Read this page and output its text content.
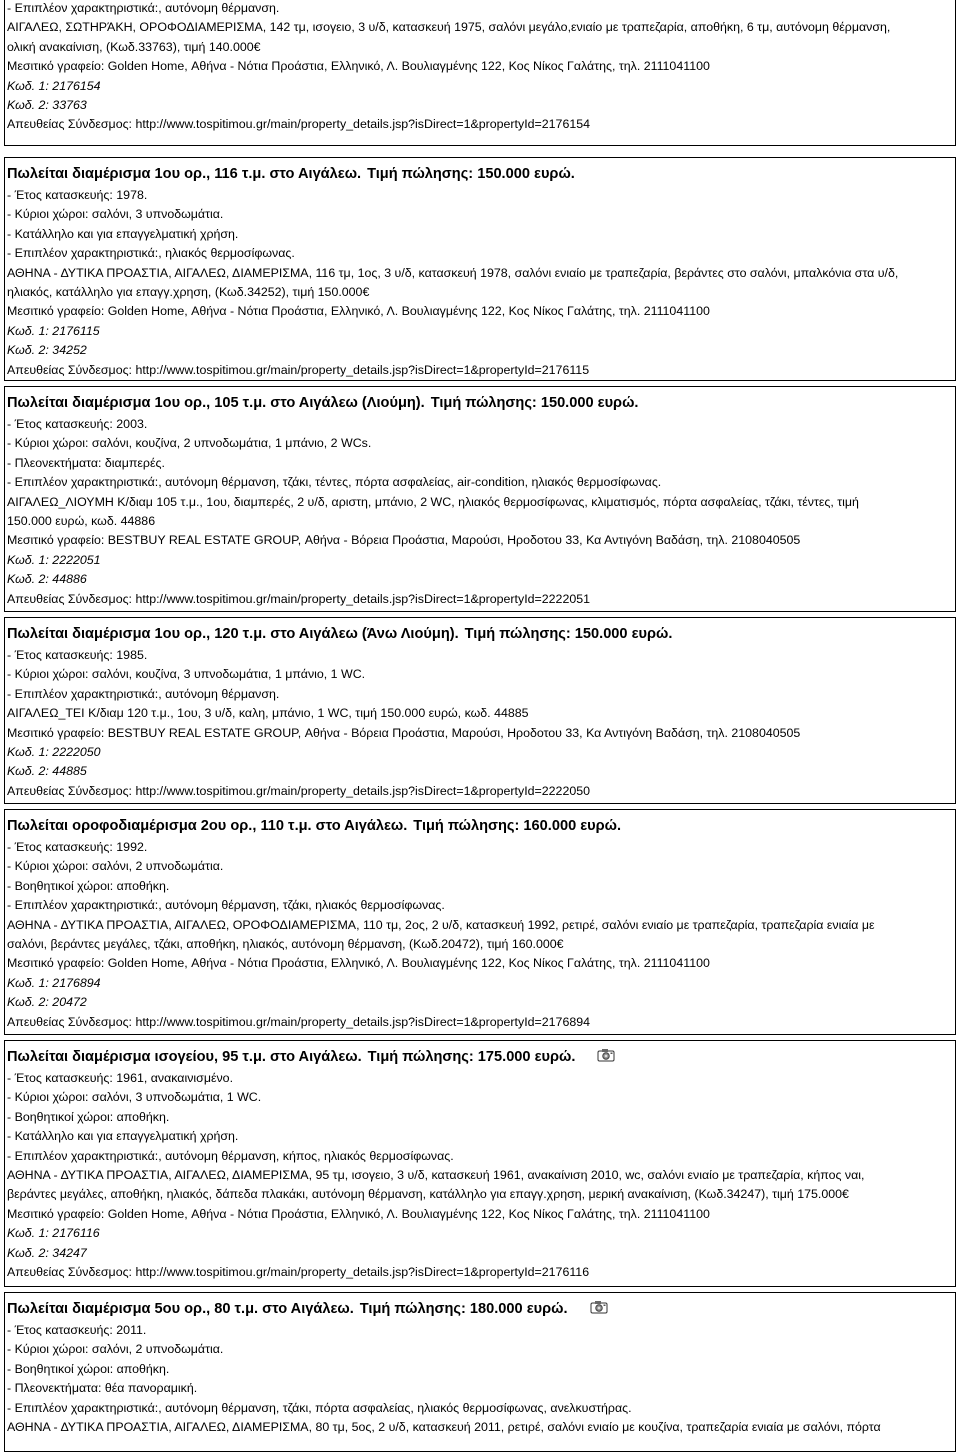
- Επιπλέον χαρακτηριστικά:, αυτόνομη θέρμανση.
ΑΙΓΑΛΕΩ, ΣΩΤΗΡΆΚΗ, ΟΡΟΦΟΔΙΑΜΕΡΙΣΜΑ, 142 τμ, ισογειο, 3 υ/δ, κατασκευή 1975, σαλόνι μεγάλο,ενιαίο με τραπεζαρία, αποθήκη, 6 τμ, αυτόνομη θέρμανση,
ολική ανακαίνιση, (Κωδ.33763), τιμή 140.000€
Μεσιτικό γραφείο: Golden Home, Αθήνα - Νότια Προάστια, Ελληνικό, Λ. Βουλιαγμένης 122, Κος Νίκος Γαλάτης, τηλ. 2111041100
Κωδ. 1: 2176154
Κωδ. 2: 33763
Απευθείας Σύνδεσμος: http://www.tospitimou.gr/main/property_details.jsp?isDirect=1&propertyId=2176154
Πωλείται διαμέρισμα 1ου ορ., 116 τ.μ. στο Αιγάλεω. Τιμή πώλησης: 150.000 ευρώ.
- Έτος κατασκευής: 1978.
- Κύριοι χώροι: σαλόνι, 3 υπνοδωμάτια.
- Κατάλληλο και για επαγγελματική χρήση.
- Επιπλέον χαρακτηριστικά:, ηλιακός θερμοσίφωνας.
ΑΘΗΝΑ - ΔΥΤΙΚΑ ΠΡΟΑΣΤΙΑ, ΑΙΓΑΛΕΩ, ΔΙΑΜΕΡΙΣΜΑ, 116 τμ, 1ος, 3 υ/δ, κατασκευή 1978, σαλόνι ενιαίο με τραπεζαρία, βεράντες στο σαλόνι, μπαλκόνια στα υ/δ,
ηλιακός, κατάλληλο για επαγγ.χρηση, (Κωδ.34252), τιμή 150.000€
Μεσιτικό γραφείο: Golden Home, Αθήνα - Νότια Προάστια, Ελληνικό, Λ. Βουλιαγμένης 122, Κος Νίκος Γαλάτης, τηλ. 2111041100
Κωδ. 1: 2176115
Κωδ. 2: 34252
Απευθείας Σύνδεσμος: http://www.tospitimou.gr/main/property_details.jsp?isDirect=1&propertyId=2176115
Πωλείται διαμέρισμα 1ου ορ., 105 τ.μ. στο Αιγάλεω (Λιούμη). Τιμή πώλησης: 150.000 ευρώ.
- Έτος κατασκευής: 2003.
- Κύριοι χώροι: σαλόνι, κουζίνα, 2 υπνοδωμάτια, 1 μπάνιο, 2 WCs.
- Πλεονεκτήματα: διαμπερές.
- Επιπλέον χαρακτηριστικά:, αυτόνομη θέρμανση, τζάκι, τέντες, πόρτα ασφαλείας, air-condition, ηλιακός θερμοσίφωνας.
ΑΙΓΑΛΕΩ_ΛΙΟΥΜΗ Κ/διαμ 105 τ.μ., 1ου, διαμπερές, 2 υ/δ, αριστη, μπάνιο, 2 WC, ηλιακός θερμοσίφωνας, κλιματισμός, πόρτα ασφαλείας, τζάκι, τέντες, τιμή
150.000 ευρώ, κωδ. 44886
Μεσιτικό γραφείο: BESTBUY REAL ESTATE GROUP, Αθήνα - Βόρεια Προάστια, Μαρούσι, Ηροδοτου 33, Κα Αντιγόνη Βαδάση, τηλ. 2108040505
Κωδ. 1: 2222051
Κωδ. 2: 44886
Απευθείας Σύνδεσμος: http://www.tospitimou.gr/main/property_details.jsp?isDirect=1&propertyId=2222051
Πωλείται διαμέρισμα 1ου ορ., 120 τ.μ. στο Αιγάλεω (Άνω Λιούμη). Τιμή πώλησης: 150.000 ευρώ.
- Έτος κατασκευής: 1985.
- Κύριοι χώροι: σαλόνι, κουζίνα, 3 υπνοδωμάτια, 1 μπάνιο, 1 WC.
- Επιπλέον χαρακτηριστικά:, αυτόνομη θέρμανση.
ΑΙΓΑΛΕΩ_ΤΕΙ Κ/διαμ 120 τ.μ., 1ου, 3 υ/δ, καλη, μπάνιο, 1 WC, τιμή 150.000 ευρώ, κωδ. 44885
Μεσιτικό γραφείο: BESTBUY REAL ESTATE GROUP, Αθήνα - Βόρεια Προάστια, Μαρούσι, Ηροδοτου 33, Κα Αντιγόνη Βαδάση, τηλ. 2108040505
Κωδ. 1: 2222050
Κωδ. 2: 44885
Απευθείας Σύνδεσμος: http://www.tospitimou.gr/main/property_details.jsp?isDirect=1&propertyId=2222050
Πωλείται οροφοδιαμέρισμα 2ου ορ., 110 τ.μ. στο Αιγάλεω. Τιμή πώλησης: 160.000 ευρώ.
- Έτος κατασκευής: 1992.
- Κύριοι χώροι: σαλόνι, 2 υπνοδωμάτια.
- Βοηθητικοί χώροι: αποθήκη.
- Επιπλέον χαρακτηριστικά:, αυτόνομη θέρμανση, τζάκι, ηλιακός θερμοσίφωνας.
ΑΘΗΝΑ - ΔΥΤΙΚΑ ΠΡΟΑΣΤΙΑ, ΑΙΓΑΛΕΩ, ΟΡΟΦΟΔΙΑΜΕΡΙΣΜΑ, 110 τμ, 2ος, 2 υ/δ, κατασκευή 1992, ρετιρέ, σαλόνι ενιαίο με τραπεζαρία, τραπεζαρία ενιαία με
σαλόνι, βεράντες μεγάλες, τζάκι, αποθήκη, ηλιακός, αυτόνομη θέρμανση, (Κωδ.20472), τιμή 160.000€
Μεσιτικό γραφείο: Golden Home, Αθήνα - Νότια Προάστια, Ελληνικό, Λ. Βουλιαγμένης 122, Κος Νίκος Γαλάτης, τηλ. 2111041100
Κωδ. 1: 2176894
Κωδ. 2: 20472
Απευθείας Σύνδεσμος: http://www.tospitimou.gr/main/property_details.jsp?isDirect=1&propertyId=2176894
Πωλείται διαμέρισμα ισογείου, 95 τ.μ. στο Αιγάλεω. Τιμή πώλησης: 175.000 ευρώ.
- Έτος κατασκευής: 1961, ανακαινισμένο.
- Κύριοι χώροι: σαλόνι, 3 υπνοδωμάτια, 1 WC.
- Βοηθητικοί χώροι: αποθήκη.
- Κατάλληλο και για επαγγελματική χρήση.
- Επιπλέον χαρακτηριστικά:, αυτόνομη θέρμανση, κήπος, ηλιακός θερμοσίφωνας.
ΑΘΗΝΑ - ΔΥΤΙΚΑ ΠΡΟΑΣΤΙΑ, ΑΙΓΑΛΕΩ, ΔΙΑΜΕΡΙΣΜΑ, 95 τμ, ισογειο, 3 υ/δ, κατασκευή 1961, ανακαίνιση 2010, wc, σαλόνι ενιαίο με τραπεζαρία, κήπος ναι,
βεράντες μεγάλες, αποθήκη, ηλιακός, δάπεδα πλακάκι, αυτόνομη θέρμανση, κατάλληλο για επαγγ.χρηση, μερική ανακαίνιση, (Κωδ.34247), τιμή 175.000€
Μεσιτικό γραφείο: Golden Home, Αθήνα - Νότια Προάστια, Ελληνικό, Λ. Βουλιαγμένης 122, Κος Νίκος Γαλάτης, τηλ. 2111041100
Κωδ. 1: 2176116
Κωδ. 2: 34247
Απευθείας Σύνδεσμος: http://www.tospitimou.gr/main/property_details.jsp?isDirect=1&propertyId=2176116
Πωλείται διαμέρισμα 5ου ορ., 80 τ.μ. στο Αιγάλεω. Τιμή πώλησης: 180.000 ευρώ.
- Έτος κατασκευής: 2011.
- Κύριοι χώροι: σαλόνι, 2 υπνοδωμάτια.
- Βοηθητικοί χώροι: αποθήκη.
- Πλεονεκτήματα: θέα πανοραμική.
- Επιπλέον χαρακτηριστικά:, αυτόνομη θέρμανση, τζάκι, πόρτα ασφαλείας, ηλιακός θερμοσίφωνας, ανελκυστήρας.
ΑΘΗΝΑ - ΔΥΤΙΚΑ ΠΡΟΑΣΤΙΑ, ΑΙΓΑΛΕΩ, ΔΙΑΜΕΡΙΣΜΑ, 80 τμ, 5ος, 2 υ/δ, κατασκευή 2011, ρετιρέ, σαλόνι ενιαίο με κουζίνα, τραπεζαρία ενιαία με σαλόνι, πόρτα
